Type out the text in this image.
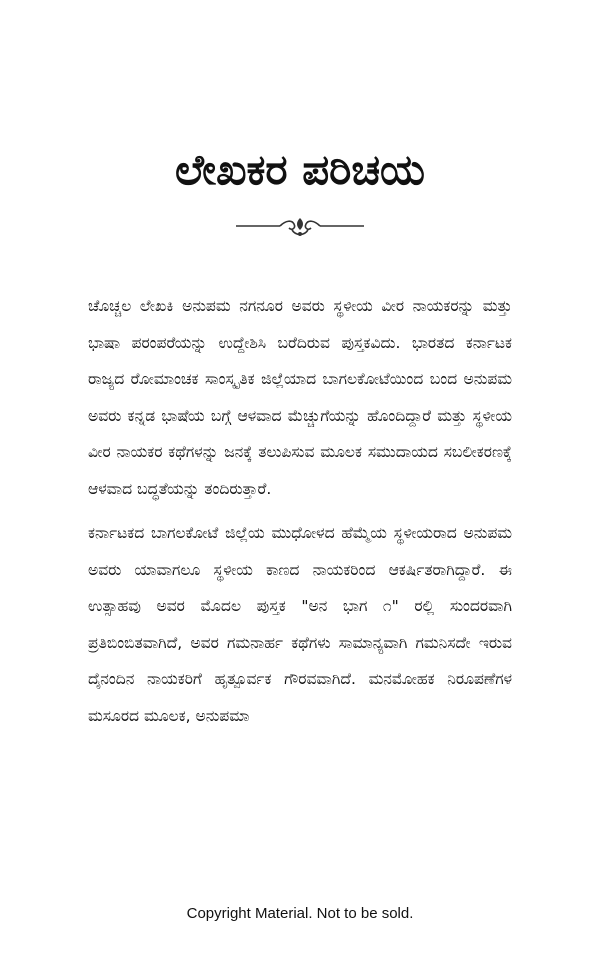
ಲೇಖಕರ ಪರಿಚಯ

ಚೊಚ್ಚಲ ಲೇಖಕಿ ಅನುಪಮ ನಗನೂರ ಅವರು ಸ್ಥಳೀಯ ವೀರ ನಾಯಕರನ್ನು ಮತ್ತು ಭಾಷಾ ಪರಂಪರೆಯನ್ನು ಉದ್ದೇಶಿಸಿ ಬರೆದಿರುವ ಪುಸ್ತಕವಿದು. ಭಾರತದ ಕರ್ನಾಟಕ ರಾಜ್ಯದ ರೋಮಾಂಚಕ ಸಾಂಸ್ಕೃತಿಕ ಜಿಲ್ಲೆಯಾದ ಬಾಗಲಕೋಟೆಯಿಂದ ಬಂದ ಅನುಪಮ ಅವರು ಕನ್ನಡ ಭಾಷೆಯ ಬಗ್ಗೆ ಆಳವಾದ ಮೆಚ್ಚುಗೆಯನ್ನು ಹೊಂದಿದ್ದಾರೆ ಮತ್ತು ಸ್ಥಳೀಯ ವೀರ ನಾಯಕರ ಕಥೆಗಳನ್ನು ಜನಕ್ಕೆ ತಲುಪಿಸುವ ಮೂಲಕ ಸಮುದಾಯದ ಸಬಲೀಕರಣಕ್ಕೆ ಆಳವಾದ ಬದ್ಧತೆಯನ್ನು ತಂದಿರುತ್ತಾರೆ.

ಕರ್ನಾಟಕದ ಬಾಗಲಕೋಟೆ ಜಿಲ್ಲೆಯ ಮುಧೋಳದ ಹೆಮ್ಮೆಯ ಸ್ಥಳೀಯರಾದ ಅನುಪಮ ಅವರು ಯಾವಾಗಲೂ ಸ್ಥಳೀಯ ಕಾಣದ ನಾಯಕರಿಂದ ಆಕರ್ಷಿತರಾಗಿದ್ದಾರೆ. ಈ ಉತ್ಸಾಹವು ಅವರ ಮೊದಲ ಪುಸ್ತಕ "ಅನ ಭಾಗ ೧" ರಲ್ಲಿ ಸುಂದರವಾಗಿ ಪ್ರತಿಬಿಂಬಿತವಾಗಿದೆ, ಅವರ ಗಮನಾರ್ಹ ಕಥೆಗಳು ಸಾಮಾನ್ಯವಾಗಿ ಗಮನಿಸದೇ ಇರುವ ದೈನಂದಿನ ನಾಯಕರಿಗೆ ಹೃತ್ಪೂರ್ವಕ ಗೌರವವಾಗಿದೆ. ಮನಮೋಹಕ ನಿರೂಪಣೆಗಳ ಮಸೂರದ ಮೂಲಕ, ಅನುಪಮಾ

Copyright Material. Not to be sold.
